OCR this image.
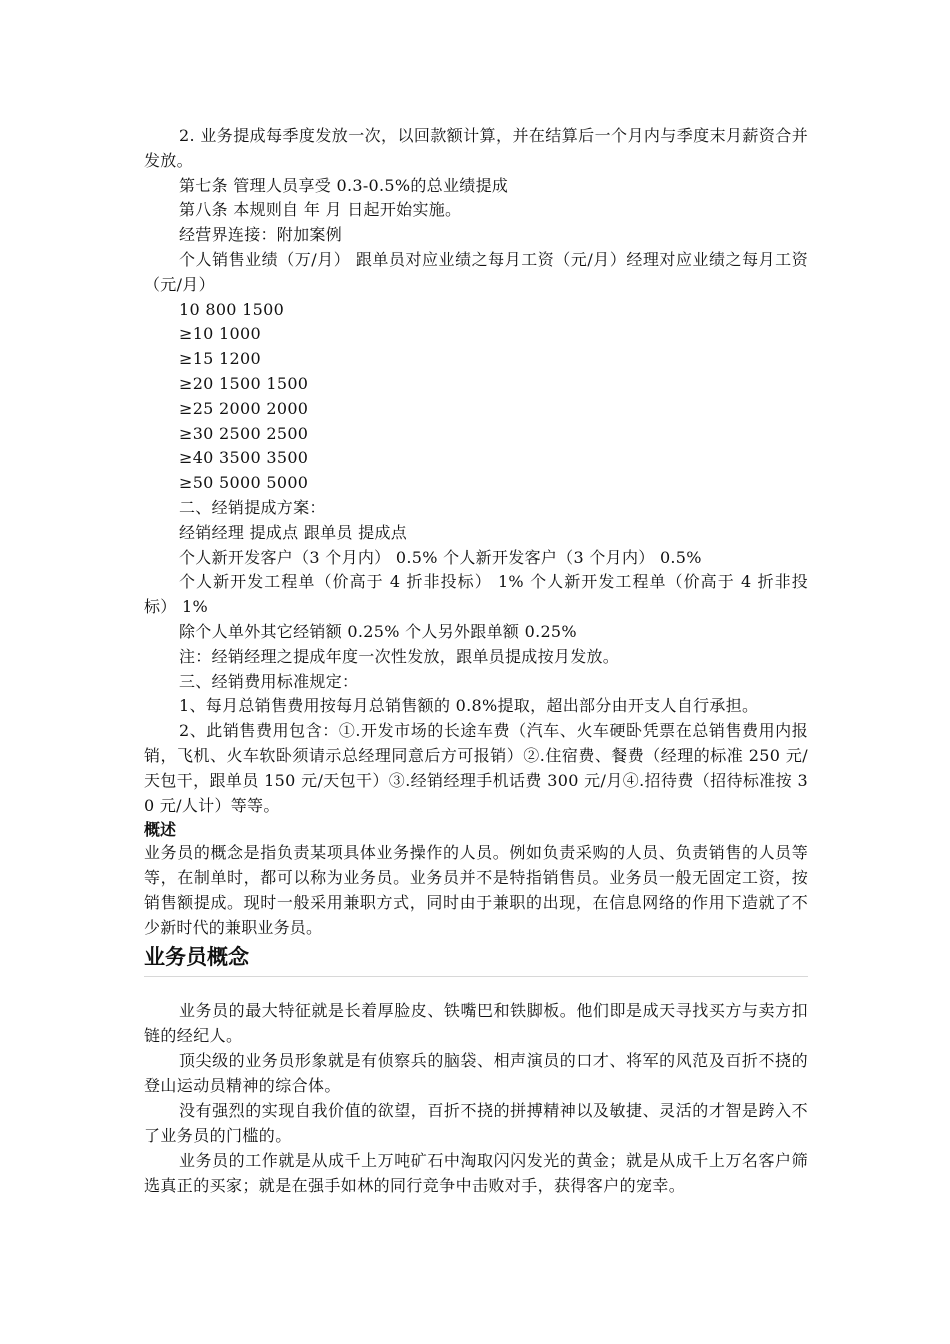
2. 业务提成每季度发放一次，以回款额计算，并在结算后一个月内与季度末月薪资合并发放。

第七条 管理人员享受 0.3-0.5%的总业绩提成

第八条 本规则自 年 月 日起开始实施。

经营界连接：附加案例

个人销售业绩（万/月） 跟单员对应业绩之每月工资（元/月）经理对应业绩之每月工资（元/月）

10 800 1500

≥10 1000

≥15 1200

≥20 1500 1500

≥25 2000 2000

≥30 2500 2500

≥40 3500 3500

≥50 5000 5000

二、经销提成方案：

经销经理 提成点 跟单员 提成点

个人新开发客户（3 个月内） 0.5% 个人新开发客户（3 个月内） 0.5%

个人新开发工程单（价高于 4 折非投标） 1% 个人新开发工程单（价高于 4 折非投标） 1%

除个人单外其它经销额 0.25% 个人另外跟单额 0.25%

注：经销经理之提成年度一次性发放，跟单员提成按月发放。

三、经销费用标准规定：

1、每月总销售费用按每月总销售额的 0.8%提取，超出部分由开支人自行承担。

2、此销售费用包含：①.开发市场的长途车费（汽车、火车硬卧凭票在总销售费用内报销，飞机、火车软卧须请示总经理同意后方可报销）②.住宿费、餐费（经理的标准 250 元/天包干，跟单员 150 元/天包干）③.经销经理手机话费 300 元/月④.招待费（招待标准按 30 元/人计）等等。

概述

业务员的概念是指负责某项具体业务操作的人员。例如负责采购的人员、负责销售的人员等等，在制单时，都可以称为业务员。业务员并不是特指销售员。业务员一般无固定工资，按销售额提成。现时一般采用兼职方式，同时由于兼职的出现，在信息网络的作用下造就了不少新时代的兼职业务员。

业务员概念

业务员的最大特征就是长着厚脸皮、铁嘴巴和铁脚板。他们即是成天寻找买方与卖方扣链的经纪人。

顶尖级的业务员形象就是有侦察兵的脑袋、相声演员的口才、将军的风范及百折不挠的登山运动员精神的综合体。

没有强烈的实现自我价值的欲望，百折不挠的拼搏精神以及敏捷、灵活的才智是跨入不了业务员的门槛的。

业务员的工作就是从成千上万吨矿石中淘取闪闪发光的黄金；就是从成千上万名客户筛选真正的买家；就是在强手如林的同行竞争中击败对手，获得客户的宠幸。
